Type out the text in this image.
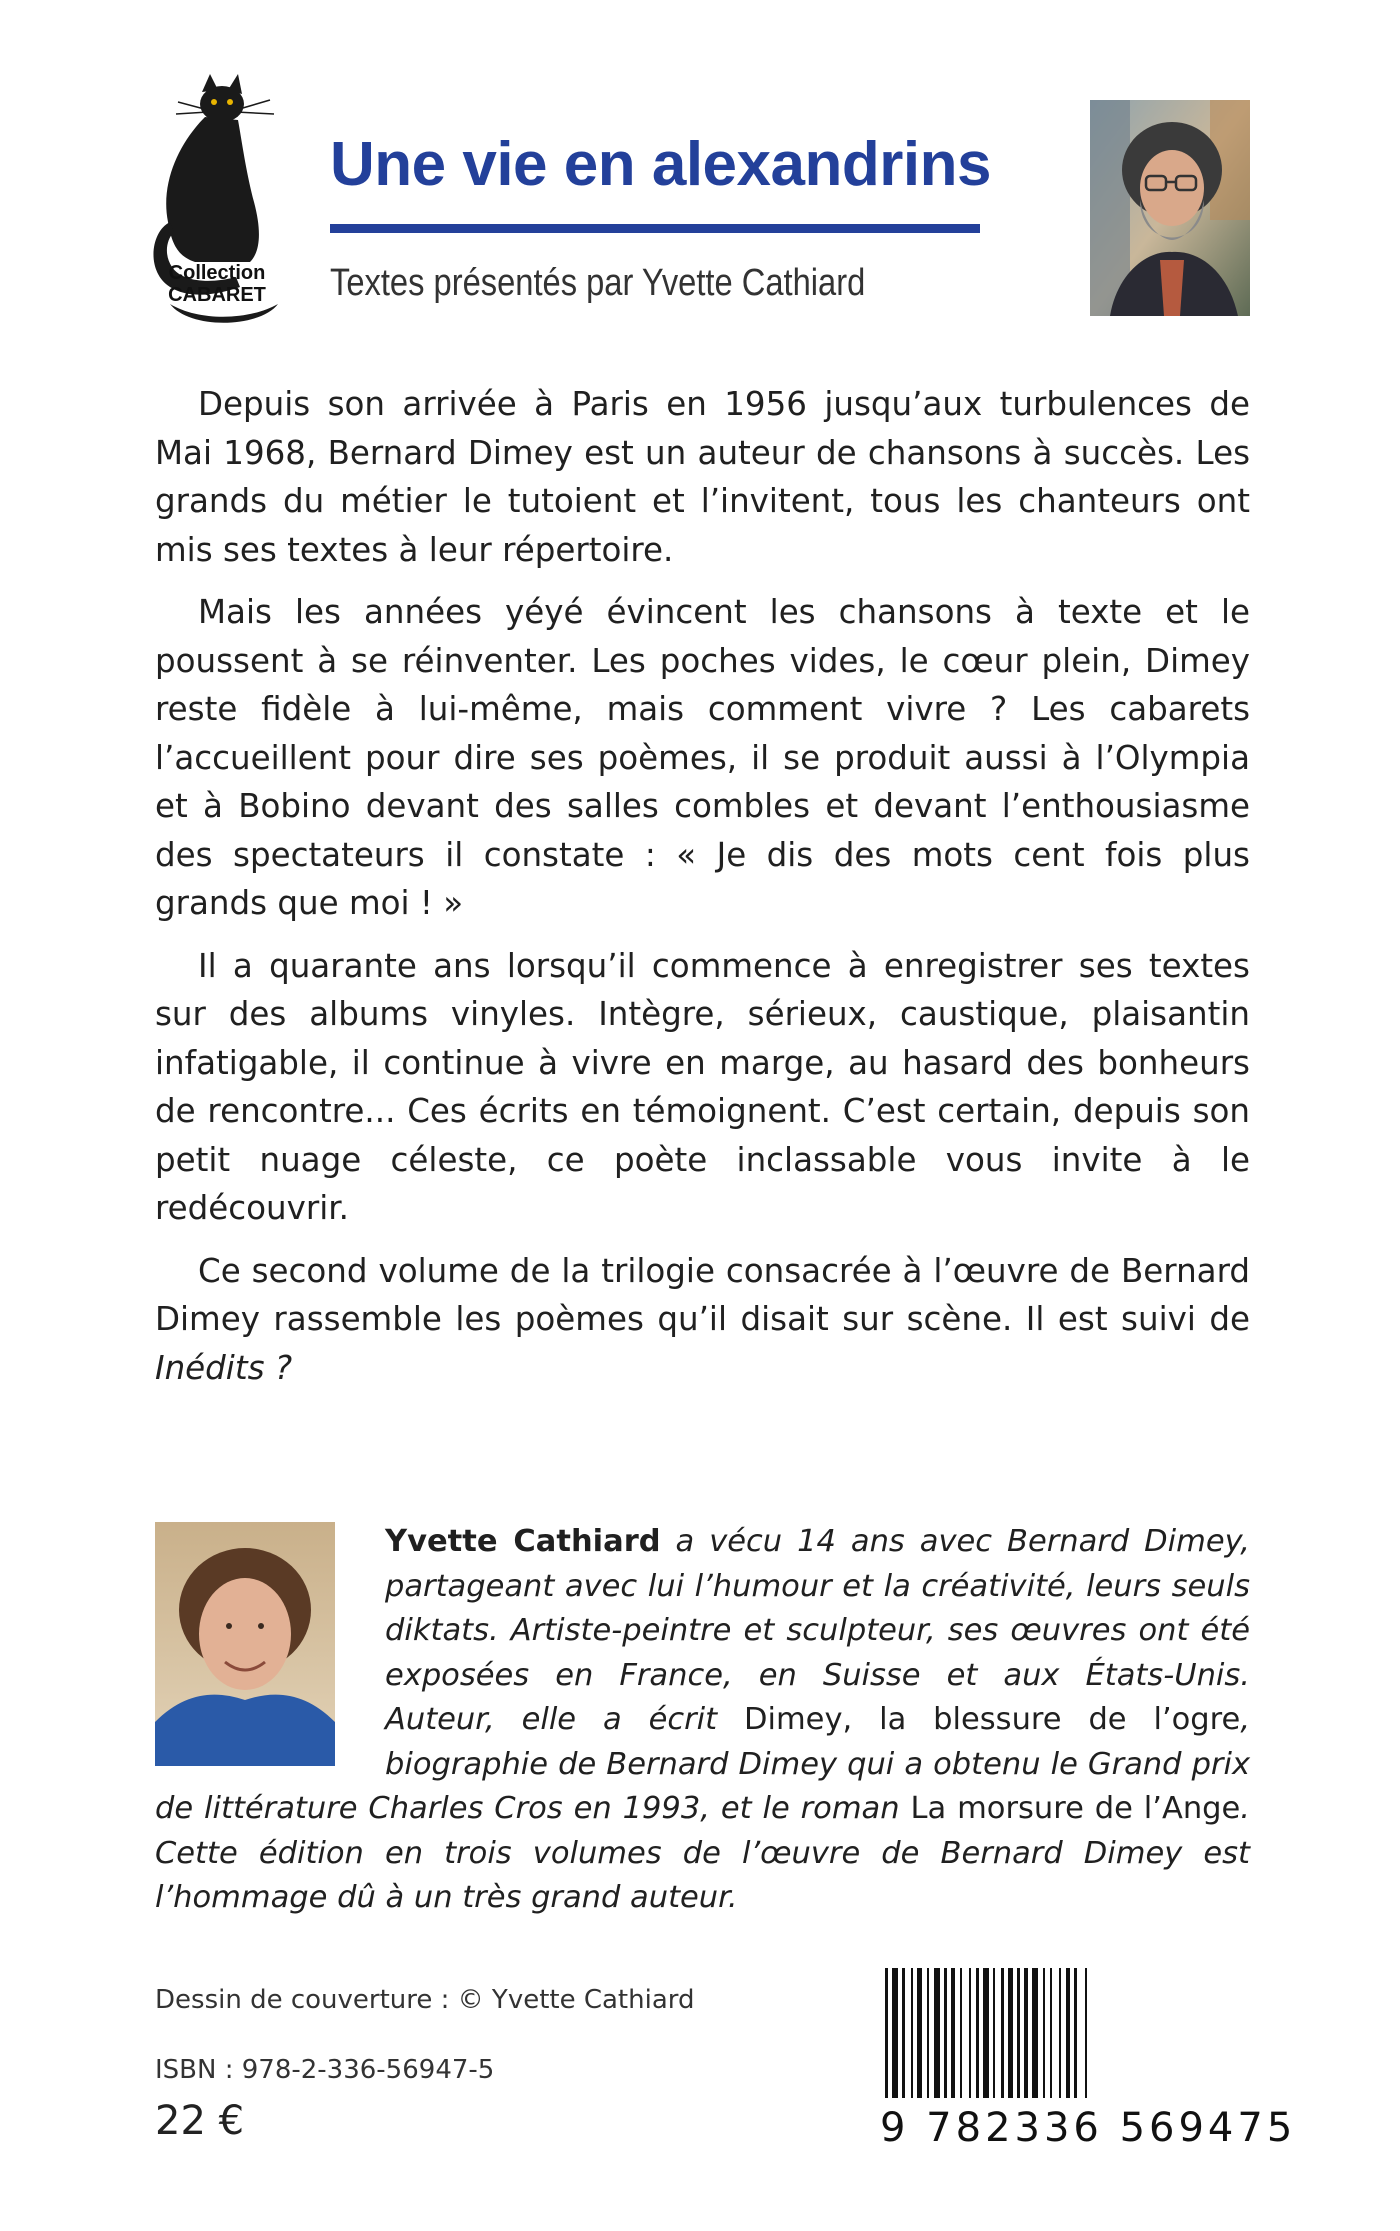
Collection
CABARET
Une vie en alexandrins
Textes présentés par Yvette Cathiard

Depuis son arrivée à Paris en 1956 jusqu’aux turbulences de Mai 1968, Bernard Dimey est un auteur de chansons à succès. Les grands du métier le tutoient et l’invitent, tous les chanteurs ont mis ses textes à leur répertoire.

Mais les années yéyé évincent les chansons à texte et le poussent à se réinventer. Les poches vides, le cœur plein, Dimey reste fidèle à lui-même, mais comment vivre ? Les cabarets l’accueillent pour dire ses poèmes, il se produit aussi à l’Olympia et à Bobino devant des salles combles et devant l’enthousiasme des spectateurs il constate : « Je dis des mots cent fois plus grands que moi ! »

Il a quarante ans lorsqu’il commence à enregistrer ses textes sur des albums vinyles. Intègre, sérieux, caustique, plaisantin infatigable, il continue à vivre en marge, au hasard des bonheurs de rencontre... Ces écrits en témoignent. C’est certain, depuis son petit nuage céleste, ce poète inclassable vous invite à le redécouvrir.

Ce second volume de la trilogie consacrée à l’œuvre de Bernard Dimey rassemble les poèmes qu’il disait sur scène. Il est suivi de Inédits ?

Yvette Cathiard a vécu 14 ans avec Bernard Dimey, partageant avec lui l’humour et la créativité, leurs seuls diktats. Artiste-peintre et sculpteur, ses œuvres ont été exposées en France, en Suisse et aux États-Unis. Auteur, elle a écrit Dimey, la blessure de l’ogre, biographie de Bernard Dimey qui a obtenu le Grand prix de littérature Charles Cros en 1993, et le roman La morsure de l’Ange. Cette édition en trois volumes de l’œuvre de Bernard Dimey est l’hommage dû à un très grand auteur.

Dessin de couverture : © Yvette Cathiard
ISBN : 978-2-336-56947-5
22 €	9 782336 569475
